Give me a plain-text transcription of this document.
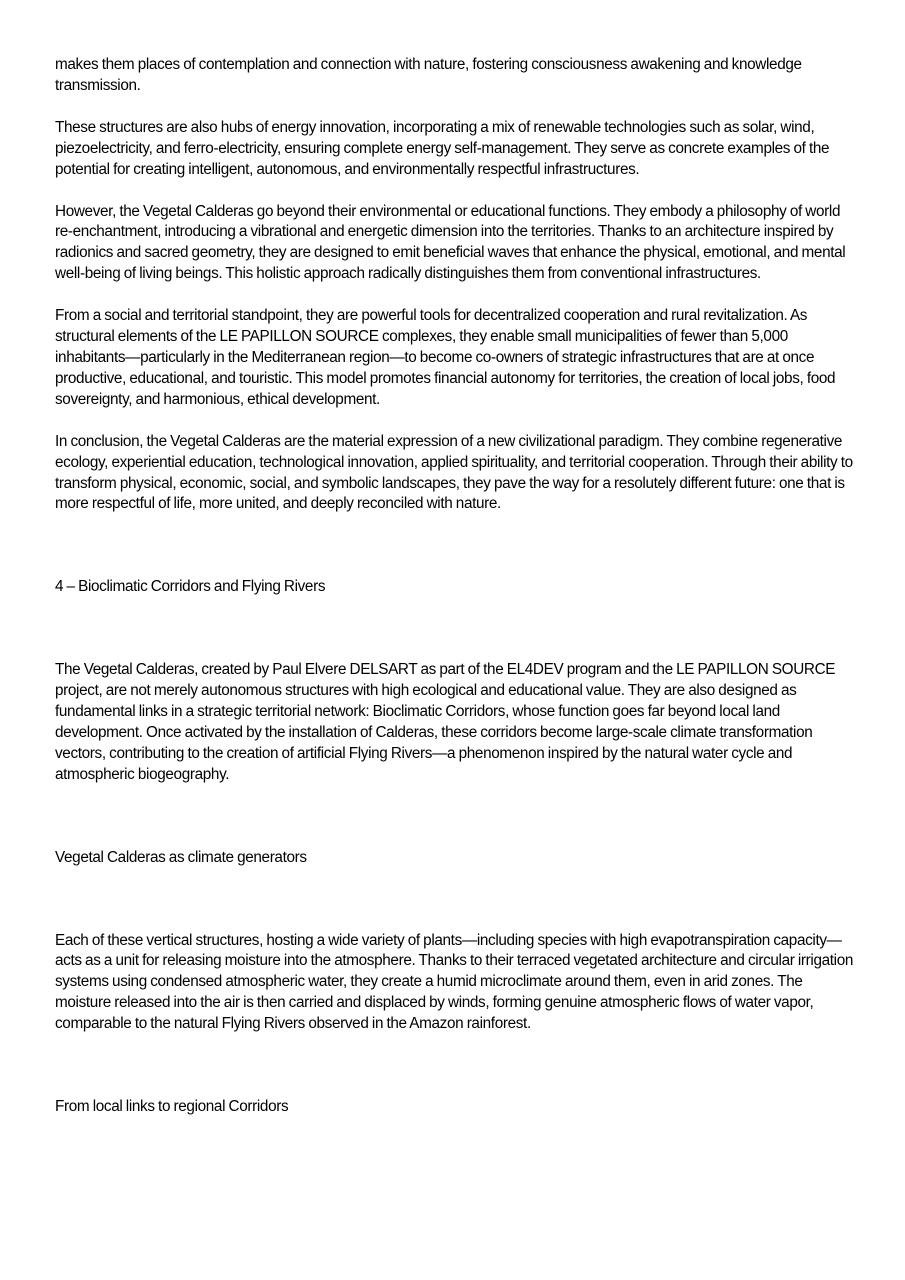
makes them places of contemplation and connection with nature, fostering consciousness awakening and knowledge transmission.

These structures are also hubs of energy innovation, incorporating a mix of renewable technologies such as solar, wind, piezoelectricity, and ferro-electricity, ensuring complete energy self-management. They serve as concrete examples of the potential for creating intelligent, autonomous, and environmentally respectful infrastructures.

However, the Vegetal Calderas go beyond their environmental or educational functions. They embody a philosophy of world re-enchantment, introducing a vibrational and energetic dimension into the territories. Thanks to an architecture inspired by radionics and sacred geometry, they are designed to emit beneficial waves that enhance the physical, emotional, and mental well-being of living beings. This holistic approach radically distinguishes them from conventional infrastructures.

From a social and territorial standpoint, they are powerful tools for decentralized cooperation and rural revitalization. As structural elements of the LE PAPILLON SOURCE complexes, they enable small municipalities of fewer than 5,000 inhabitants—particularly in the Mediterranean region—to become co-owners of strategic infrastructures that are at once productive, educational, and touristic. This model promotes financial autonomy for territories, the creation of local jobs, food sovereignty, and harmonious, ethical development.

In conclusion, the Vegetal Calderas are the material expression of a new civilizational paradigm. They combine regenerative ecology, experiential education, technological innovation, applied spirituality, and territorial cooperation. Through their ability to transform physical, economic, social, and symbolic landscapes, they pave the way for a resolutely different future: one that is more respectful of life, more united, and deeply reconciled with nature.

4 – Bioclimatic Corridors and Flying Rivers

The Vegetal Calderas, created by Paul Elvere DELSART as part of the EL4DEV program and the LE PAPILLON SOURCE project, are not merely autonomous structures with high ecological and educational value. They are also designed as fundamental links in a strategic territorial network: Bioclimatic Corridors, whose function goes far beyond local land development. Once activated by the installation of Calderas, these corridors become large-scale climate transformation vectors, contributing to the creation of artificial Flying Rivers—a phenomenon inspired by the natural water cycle and atmospheric biogeography.

Vegetal Calderas as climate generators

Each of these vertical structures, hosting a wide variety of plants—including species with high evapotranspiration capacity—acts as a unit for releasing moisture into the atmosphere. Thanks to their terraced vegetated architecture and circular irrigation systems using condensed atmospheric water, they create a humid microclimate around them, even in arid zones. The moisture released into the air is then carried and displaced by winds, forming genuine atmospheric flows of water vapor, comparable to the natural Flying Rivers observed in the Amazon rainforest.

From local links to regional Corridors
